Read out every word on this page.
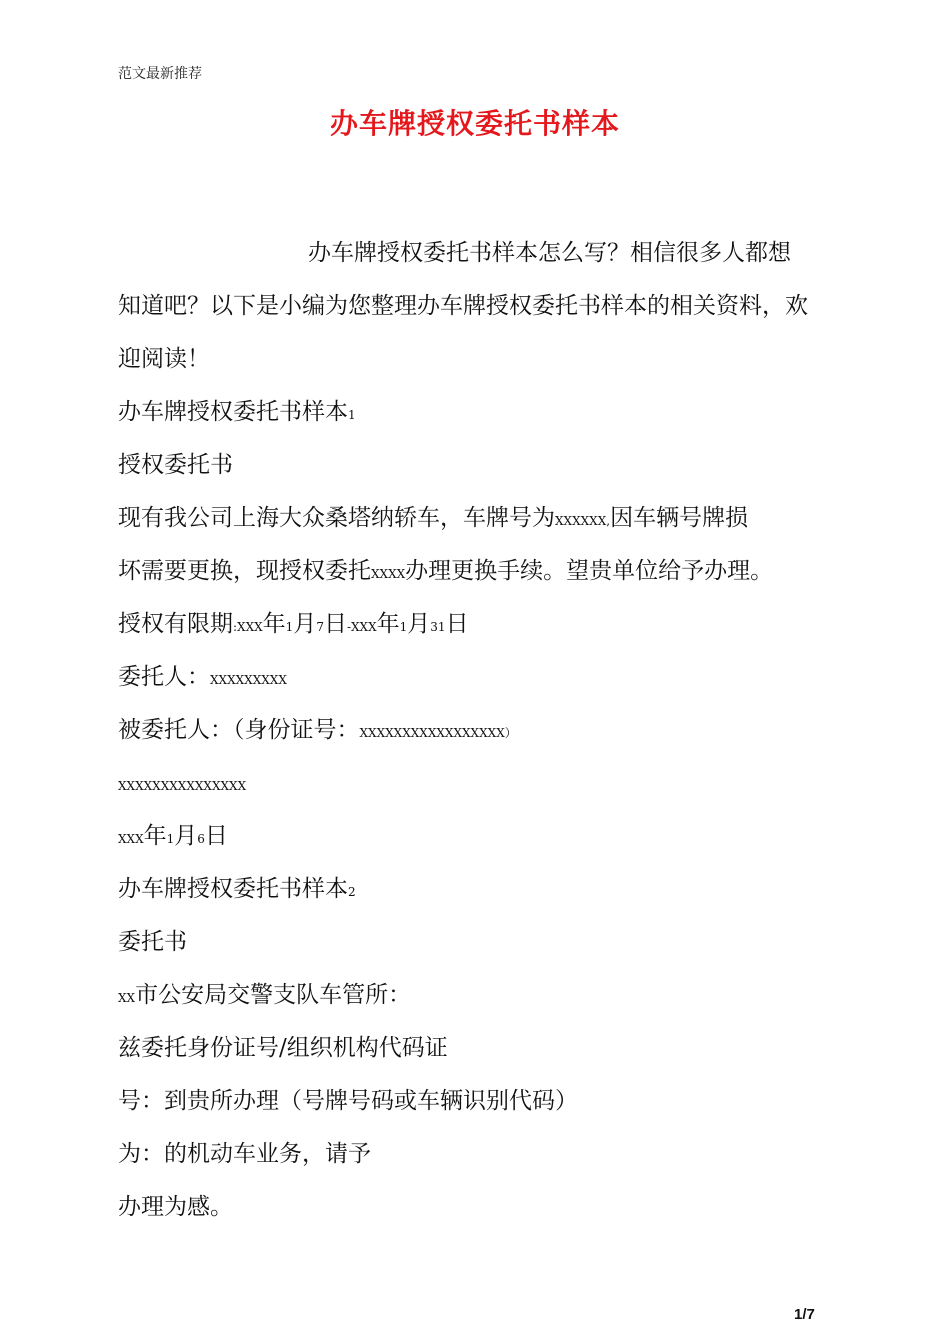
范文最新推荐
办车牌授权委托书样本
办车牌授权委托书样本怎么写？相信很多人都想
知道吧？以下是小编为您整理办车牌授权委托书样本的相关资料，欢
迎阅读！
办车牌授权委托书样本1
授权委托书
现有我公司上海大众桑塔纳轿车，车牌号为XXXXXX,因车辆号牌损
坏需要更换，现授权委托XXXX办理更换手续。望贵单位给予办理。
授权有限期:XXX年1月7日-XXX年1月31日
委托人：XXXXXXXXX
被委托人：（身份证号：XXXXXXXXXXXXXXXXX）
XXXXXXXXXXXXXXX
XXX年1月6日
办车牌授权委托书样本2
委托书
XX市公安局交警支队车管所：
兹委托身份证号/组织机构代码证
号：到贵所办理（号牌号码或车辆识别代码）
为：的机动车业务，请予
办理为感。
1/7
